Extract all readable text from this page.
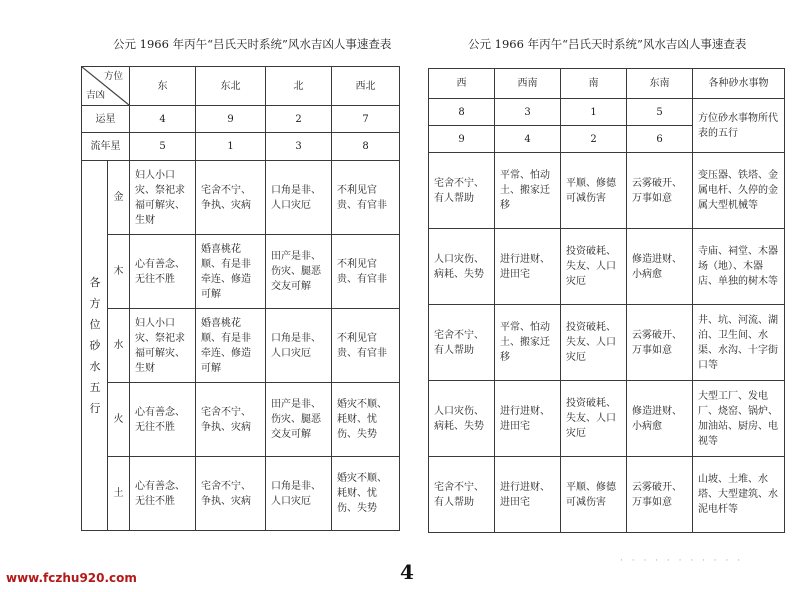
公元 1966 年丙午“吕氏天时系统”风水吉凶人事速查表	公元 1966 年丙午“吕氏天时系统”风水吉凶人事速查表
方位
吉凶		东	东北	北	西北
运星		4	9	2	7
流年星		5	1	3	8

各方位砂水五行	金	妇人小口灾、祭祀求福可解灾、生财	宅舍不宁、争执、灾病	口角是非、人口灾厄	不利见官贵、有官非
	木	心有善念、无往不胜	婚喜桃花顺、有是非牵连、修造可解	田产是非、伤灾、腿恶交友可解	不利见官贵、有官非
	水	妇人小口灾、祭祀求福可解灾、生财	婚喜桃花顺、有是非牵连、修造可解	口角是非、人口灾厄	不利见官贵、有官非
	火	心有善念、无往不胜	宅舍不宁、争执、灾病	田产是非、伤灾、腿恶交友可解	婚灾不顺、耗财、忧伤、失势
	土	心有善念、无往不胜	宅舍不宁、争执、灾病	口角是非、人口灾厄	婚灾不顺、耗财、忧伤、失势
西	西南	南	东南	各种砂水事物
8	3	1	5	方位砂水事物所代表的五行
9	4	2	6	
宅舍不宁、有人帮助	平常、怕动土、搬家迁移	平顺、修德可减伤害	云雾破开、万事如意	变压器、铁塔、金属电杆、久停的金属大型机械等
人口灾伤、病耗、失势	进行进财、进田宅	投资破耗、失友、人口灾厄	修造进财、小病愈	寺庙、祠堂、木器场（地）、木器店、单独的树木等
宅舍不宁、有人帮助	平常、怕动土、搬家迁移	投资破耗、失友、人口灾厄	云雾破开、万事如意	井、坑、河流、湖泊、卫生间、水渠、水沟、十字街口等
人口灾伤、病耗、失势	进行进财、进田宅	投资破耗、失友、人口灾厄	修造进财、小病愈	大型工厂、发电厂、烧窑、锅炉、加油站、厨房、电视等
宅舍不宁、有人帮助	进行进财、进田宅	平顺、修德可减伤害	云雾破开、万事如意	山坡、土堆、水塔、大型建筑、水泥电杆等
4
www.fczhu920.com
· · · · · · · · · · ·
